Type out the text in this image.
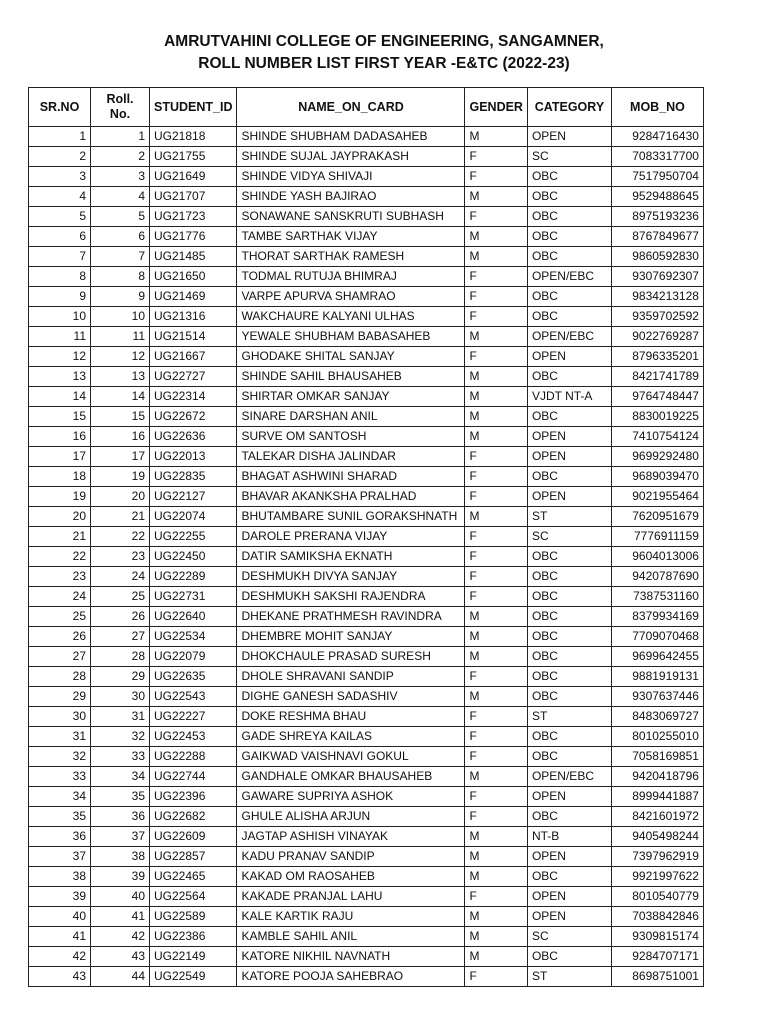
AMRUTVAHINI COLLEGE OF ENGINEERING, SANGAMNER,
ROLL NUMBER LIST FIRST YEAR -E&TC (2022-23)
SR.NO	Roll. No.	STUDENT_ID	NAME_ON_CARD	GENDER	CATEGORY	MOB_NO
1	1	UG21818	SHINDE SHUBHAM DADASAHEB	M	OPEN	9284716430
2	2	UG21755	SHINDE SUJAL JAYPRAKASH	F	SC	7083317700
3	3	UG21649	SHINDE VIDYA SHIVAJI	F	OBC	7517950704
4	4	UG21707	SHINDE YASH BAJIRAO	M	OBC	9529488645
5	5	UG21723	SONAWANE SANSKRUTI SUBHASH	F	OBC	8975193236
6	6	UG21776	TAMBE SARTHAK VIJAY	M	OBC	8767849677
7	7	UG21485	THORAT SARTHAK RAMESH	M	OBC	9860592830
8	8	UG21650	TODMAL RUTUJA BHIMRAJ	F	OPEN/EBC	9307692307
9	9	UG21469	VARPE APURVA SHAMRAO	F	OBC	9834213128
10	10	UG21316	WAKCHAURE KALYANI ULHAS	F	OBC	9359702592
11	11	UG21514	YEWALE SHUBHAM BABASAHEB	M	OPEN/EBC	9022769287
12	12	UG21667	GHODAKE SHITAL SANJAY	F	OPEN	8796335201
13	13	UG22727	SHINDE SAHIL BHAUSAHEB	M	OBC	8421741789
14	14	UG22314	SHIRTAR OMKAR SANJAY	M	VJDT NT-A	9764748447
15	15	UG22672	SINARE DARSHAN ANIL	M	OBC	8830019225
16	16	UG22636	SURVE OM SANTOSH	M	OPEN	7410754124
17	17	UG22013	TALEKAR DISHA JALINDAR	F	OPEN	9699292480
18	19	UG22835	BHAGAT ASHWINI SHARAD	F	OBC	9689039470
19	20	UG22127	BHAVAR AKANKSHA PRALHAD	F	OPEN	9021955464
20	21	UG22074	BHUTAMBARE SUNIL GORAKSHNATH	M	ST	7620951679
21	22	UG22255	DAROLE PRERANA VIJAY	F	SC	7776911159
22	23	UG22450	DATIR SAMIKSHA EKNATH	F	OBC	9604013006
23	24	UG22289	DESHMUKH DIVYA SANJAY	F	OBC	9420787690
24	25	UG22731	DESHMUKH SAKSHI RAJENDRA	F	OBC	7387531160
25	26	UG22640	DHEKANE PRATHMESH RAVINDRA	M	OBC	8379934169
26	27	UG22534	DHEMBRE MOHIT SANJAY	M	OBC	7709070468
27	28	UG22079	DHOKCHAULE PRASAD SURESH	M	OBC	9699642455
28	29	UG22635	DHOLE SHRAVANI SANDIP	F	OBC	9881919131
29	30	UG22543	DIGHE GANESH SADASHIV	M	OBC	9307637446
30	31	UG22227	DOKE RESHMA BHAU	F	ST	8483069727
31	32	UG22453	GADE SHREYA KAILAS	F	OBC	8010255010
32	33	UG22288	GAIKWAD VAISHNAVI GOKUL	F	OBC	7058169851
33	34	UG22744	GANDHALE OMKAR BHAUSAHEB	M	OPEN/EBC	9420418796
34	35	UG22396	GAWARE SUPRIYA ASHOK	F	OPEN	8999441887
35	36	UG22682	GHULE ALISHA ARJUN	F	OBC	8421601972
36	37	UG22609	JAGTAP ASHISH VINAYAK	M	NT-B	9405498244
37	38	UG22857	KADU PRANAV SANDIP	M	OPEN	7397962919
38	39	UG22465	KAKAD OM RAOSAHEB	M	OBC	9921997622
39	40	UG22564	KAKADE PRANJAL LAHU	F	OPEN	8010540779
40	41	UG22589	KALE KARTIK RAJU	M	OPEN	7038842846
41	42	UG22386	KAMBLE SAHIL ANIL	M	SC	9309815174
42	43	UG22149	KATORE NIKHIL NAVNATH	M	OBC	9284707171
43	44	UG22549	KATORE POOJA SAHEBRAO	F	ST	8698751001
